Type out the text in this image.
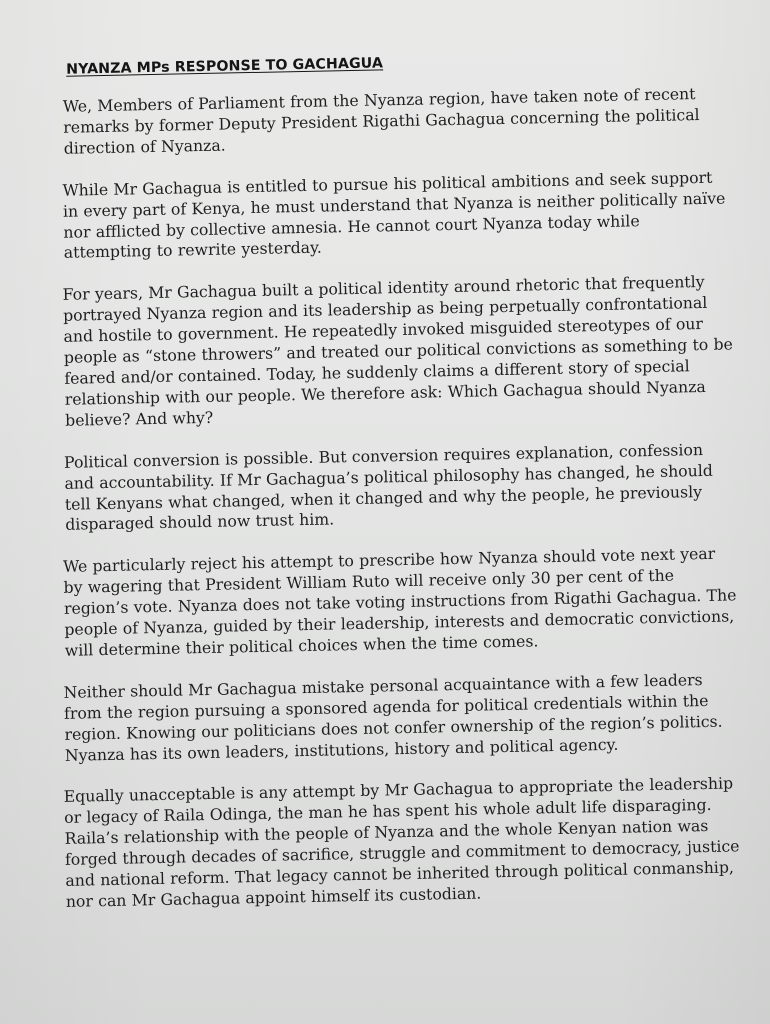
NYANZA MPs RESPONSE TO GACHAGUA

We, Members of Parliament from the Nyanza region, have taken note of recent remarks by former Deputy President Rigathi Gachagua concerning the political direction of Nyanza.

While Mr Gachagua is entitled to pursue his political ambitions and seek support in every part of Kenya, he must understand that Nyanza is neither politically naïve nor afflicted by collective amnesia. He cannot court Nyanza today while attempting to rewrite yesterday.

For years, Mr Gachagua built a political identity around rhetoric that frequently portrayed Nyanza region and its leadership as being perpetually confrontational and hostile to government. He repeatedly invoked misguided stereotypes of our people as “stone throwers” and treated our political convictions as something to be feared and/or contained. Today, he suddenly claims a different story of special relationship with our people. We therefore ask: Which Gachagua should Nyanza believe? And why?

Political conversion is possible. But conversion requires explanation, confession and accountability. If Mr Gachagua’s political philosophy has changed, he should tell Kenyans what changed, when it changed and why the people, he previously disparaged should now trust him.

We particularly reject his attempt to prescribe how Nyanza should vote next year by wagering that President William Ruto will receive only 30 per cent of the region’s vote. Nyanza does not take voting instructions from Rigathi Gachagua. The people of Nyanza, guided by their leadership, interests and democratic convictions, will determine their political choices when the time comes.

Neither should Mr Gachagua mistake personal acquaintance with a few leaders from the region pursuing a sponsored agenda for political credentials within the region. Knowing our politicians does not confer ownership of the region’s politics. Nyanza has its own leaders, institutions, history and political agency.

Equally unacceptable is any attempt by Mr Gachagua to appropriate the leadership or legacy of Raila Odinga, the man he has spent his whole adult life disparaging. Raila’s relationship with the people of Nyanza and the whole Kenyan nation was forged through decades of sacrifice, struggle and commitment to democracy, justice and national reform. That legacy cannot be inherited through political conmanship, nor can Mr Gachagua appoint himself its custodian.
